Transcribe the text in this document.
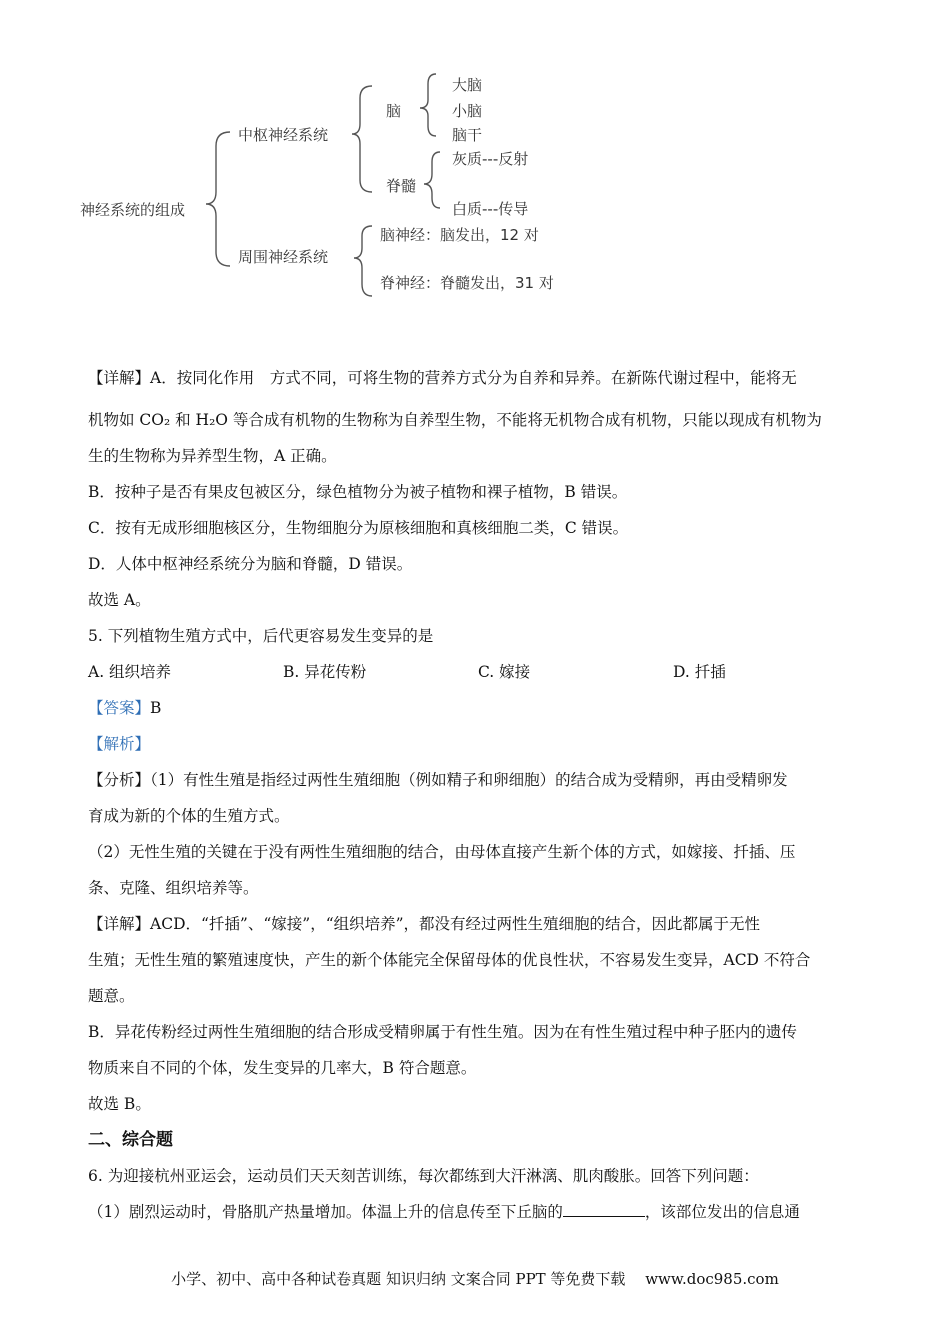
神经系统的组成
中枢神经系统
周围神经系统
脑
大脑
小脑
脑干
脊髓
灰质---反射
白质---传导
脑神经：脑发出，12 对
脊神经：脊髓发出，31 对

【详解】A．按同化作用　方式不同，可将生物的营养方式分为自养和异养。在新陈代谢过程中，能将无

机物如 CO₂ 和 H₂O 等合成有机物的生物称为自养型生物，不能将无机物合成有机物，只能以现成有机物为

生的生物称为异养型生物，A 正确。

B．按种子是否有果皮包被区分，绿色植物分为被子植物和裸子植物，B 错误。

C．按有无成形细胞核区分，生物细胞分为原核细胞和真核细胞二类，C 错误。

D．人体中枢神经系统分为脑和脊髓，D 错误。

故选 A。

5. 下列植物生殖方式中，后代更容易发生变异的是

A. 组织培养	B. 异花传粉	C. 嫁接	D. 扦插

【答案】B

【解析】

【分析】（1）有性生殖是指经过两性生殖细胞（例如精子和卵细胞）的结合成为受精卵，再由受精卵发

育成为新的个体的生殖方式。

（2）无性生殖的关键在于没有两性生殖细胞的结合，由母体直接产生新个体的方式，如嫁接、扦插、压

条、克隆、组织培养等。

【详解】ACD．“扦插”、“嫁接”，“组织培养”，都没有经过两性生殖细胞的结合，因此都属于无性

生殖；无性生殖的繁殖速度快，产生的新个体能完全保留母体的优良性状，不容易发生变异，ACD 不符合

题意。

B．异花传粉经过两性生殖细胞的结合形成受精卵属于有性生殖。因为在有性生殖过程中种子胚内的遗传

物质来自不同的个体，发生变异的几率大，B 符合题意。

故选 B。

二、综合题

6. 为迎接杭州亚运会，运动员们天天刻苦训练，每次都练到大汗淋漓、肌肉酸胀。回答下列问题：

（1）剧烈运动时，骨胳肌产热量增加。体温上升的信息传至下丘脑的	，该部位发出的信息通

小学、初中、高中各种试卷真题 知识归纳 文案合同 PPT 等免费下载　 www.doc985.com
